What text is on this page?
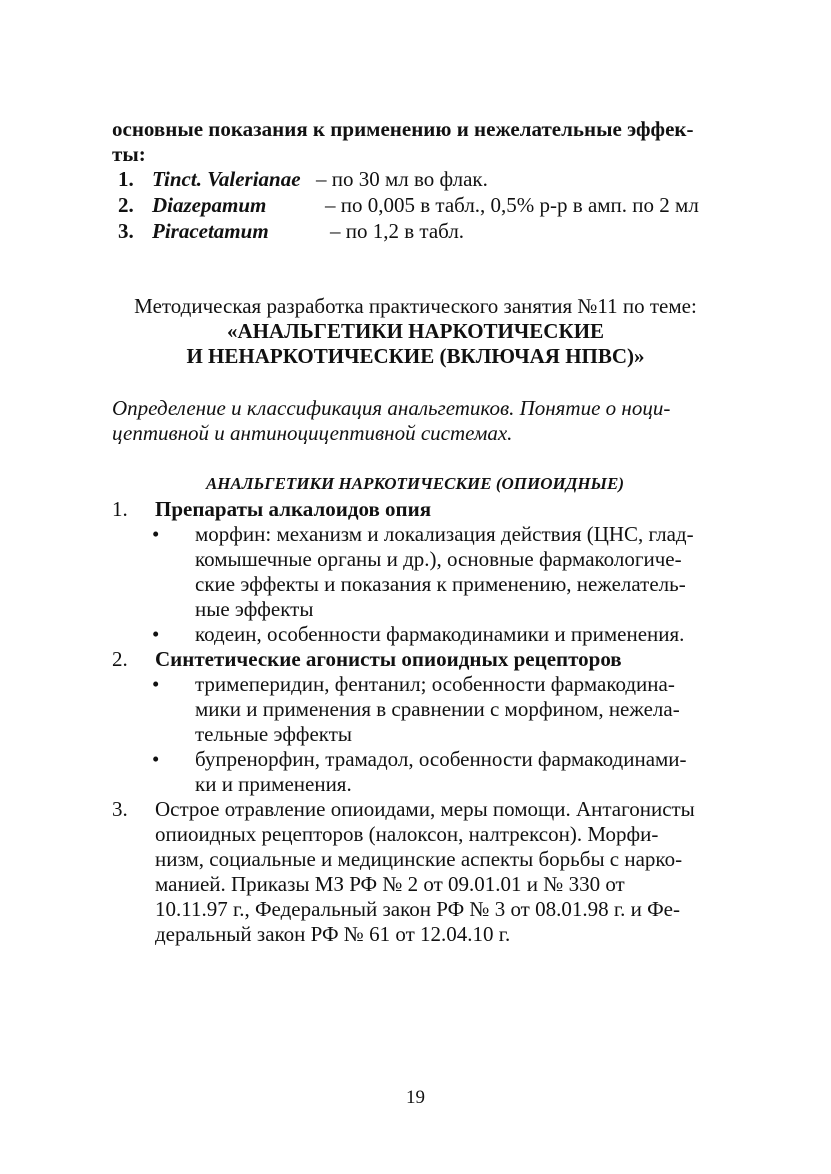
основные показания к применению и нежелательные эффек-
ты:
1. Tinct. Valerianae – по 30 мл во флак.
2. Diazepamum	– по 0,005 в табл., 0,5% р-р в амп. по 2 мл
3. Piracetamum	– по 1,2 в табл.
Методическая разработка практического занятия №11 по теме:
«АНАЛЬГЕТИКИ НАРКОТИЧЕСКИЕ
И НЕНАРКОТИЧЕСКИЕ (ВКЛЮЧАЯ НПВС)»
Определение и классификация анальгетиков. Понятие о ноци-
цептивной и антиноцицептивной системах.
АНАЛЬГЕТИКИ НАРКОТИЧЕСКИЕ (ОПИОИДНЫЕ)
1. Препараты алкалоидов опия
• морфин: механизм и локализация действия (ЦНС, глад-
комышечные органы и др.), основные фармакологиче-
ские эффекты и показания к применению, нежелатель-
ные эффекты
• кодеин, особенности фармакодинамики и применения.
2. Синтетические агонисты опиоидных рецепторов
• тримеперидин, фентанил; особенности фармакодина-
мики и применения в сравнении с морфином, нежела-
тельные эффекты
• бупренорфин, трамадол, особенности фармакодинами-
ки и применения.
3. Острое отравление опиоидами, меры помощи. Антагонисты
опиоидных рецепторов (налоксон, налтрексон). Морфи-
низм, социальные и медицинские аспекты борьбы с нарко-
манией. Приказы МЗ РФ № 2 от 09.01.01 и № 330 от
10.11.97 г., Федеральный закон РФ № 3 от 08.01.98 г. и Фе-
деральный закон РФ № 61 от 12.04.10 г.
19
